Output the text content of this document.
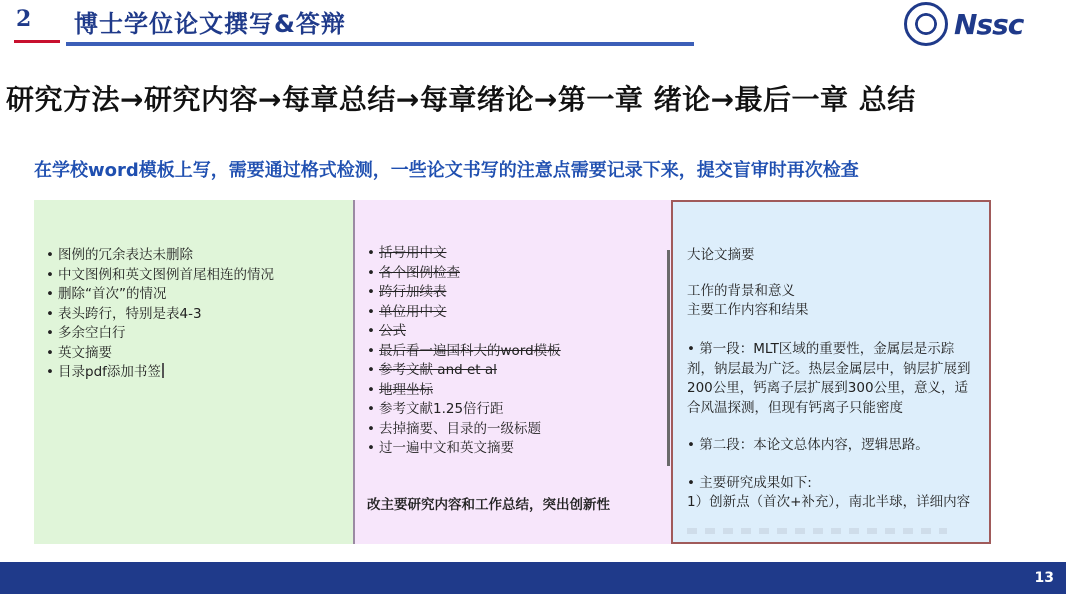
2 博士学位论文撰写&答辩	Nssc
研究方法→研究内容→每章总结→每章绪论→第一章 绪论→最后一章 总结
在学校word模板上写，需要通过格式检测，一些论文书写的注意点需要记录下来，提交盲审时再次检查
• 图例的冗余表达未删除
• 中文图例和英文图例首尾相连的情况
• 删除“首次”的情况
• 表头跨行，特别是表4-3
• 多余空白行
• 英文摘要
• 目录pdf添加书签
• 括号用中文
• 各个图例检查
• 跨行加续表
• 单位用中文
• 公式
• 最后看一遍国科大的word模板
• 参考文献 and et al
• 地理坐标
• 参考文献1.25倍行距
• 去掉摘要、目录的一级标题
• 过一遍中文和英文摘要
改主要研究内容和工作总结，突出创新性
大论文摘要
工作的背景和意义
主要工作内容和结果
• 第一段：MLT区域的重要性，金属层是示踪剂，钠层最为广泛。热层金属层中，钠层扩展到200公里，钙离子层扩展到300公里，意义，适合风温探测，但现有钙离子只能密度
• 第二段：本论文总体内容，逻辑思路。
• 主要研究成果如下:
1）创新点（首次+补充），南北半球，详细内容
13
